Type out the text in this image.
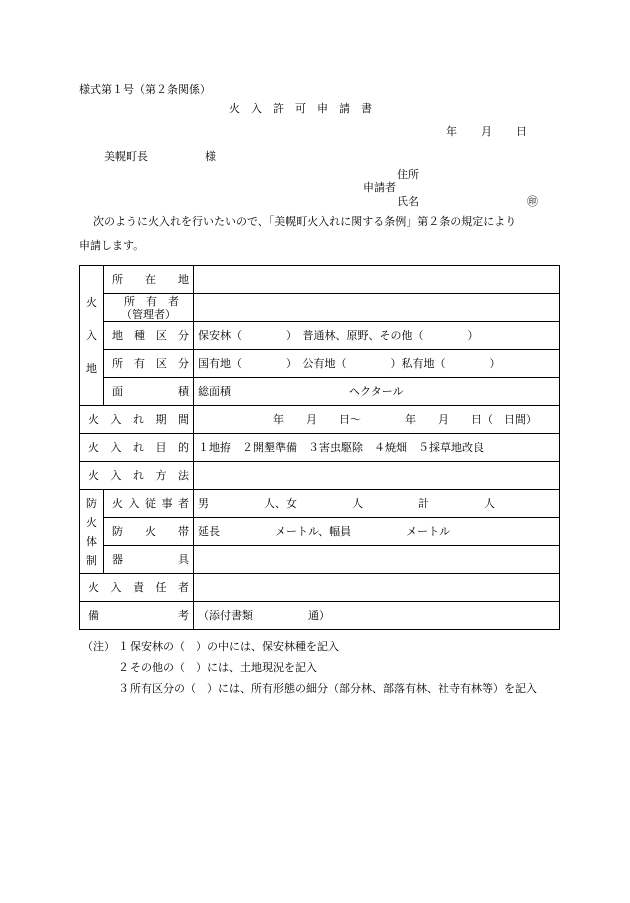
様式第１号（第２条関係）
火　入　許　可　申　請　書
年 月 日
美幌町長	様
住所
申請者
氏名	㊞
次のように火入れを行いたいので、「美幌町火入れに関する条例」第２条の規定により
申請します。
火
入
地	所　在　地	

	所　有　者
（管理者）	

	地　種　区　分	保安林（　　　　）　普通林、原野、その他（　　　　）
	所　有　区　分	国有地（　　　　）　公有地（　　　　）私有地（　　　　）
	面　　　積	総面積 ヘクタール
火　入　れ　期　間		年　　月　　日～　　　　年　　月　　日（　日間）
火　入　れ　目　的		１地拵　２開墾準備　３害虫駆除　４焼畑　５採草地改良
火　入　れ　方　法		

防
火
体
制	火入従事者	男　　　　　人、女　　　　　人　　　　　計　　　　　人
	防　火　帯	延長　　　　　メートル、幅員　　　　　メートル
	器　　　具	
火　入　責　任　者		
備　　　　　考		（添付書類　　　　　通）
（注） １ 保安林の（　）の中には、保安林種を記入
２ その他の（　）には、土地現況を記入
３ 所有区分の（　）には、所有形態の細分（部分林、部落有林、社寺有林等）を記入
